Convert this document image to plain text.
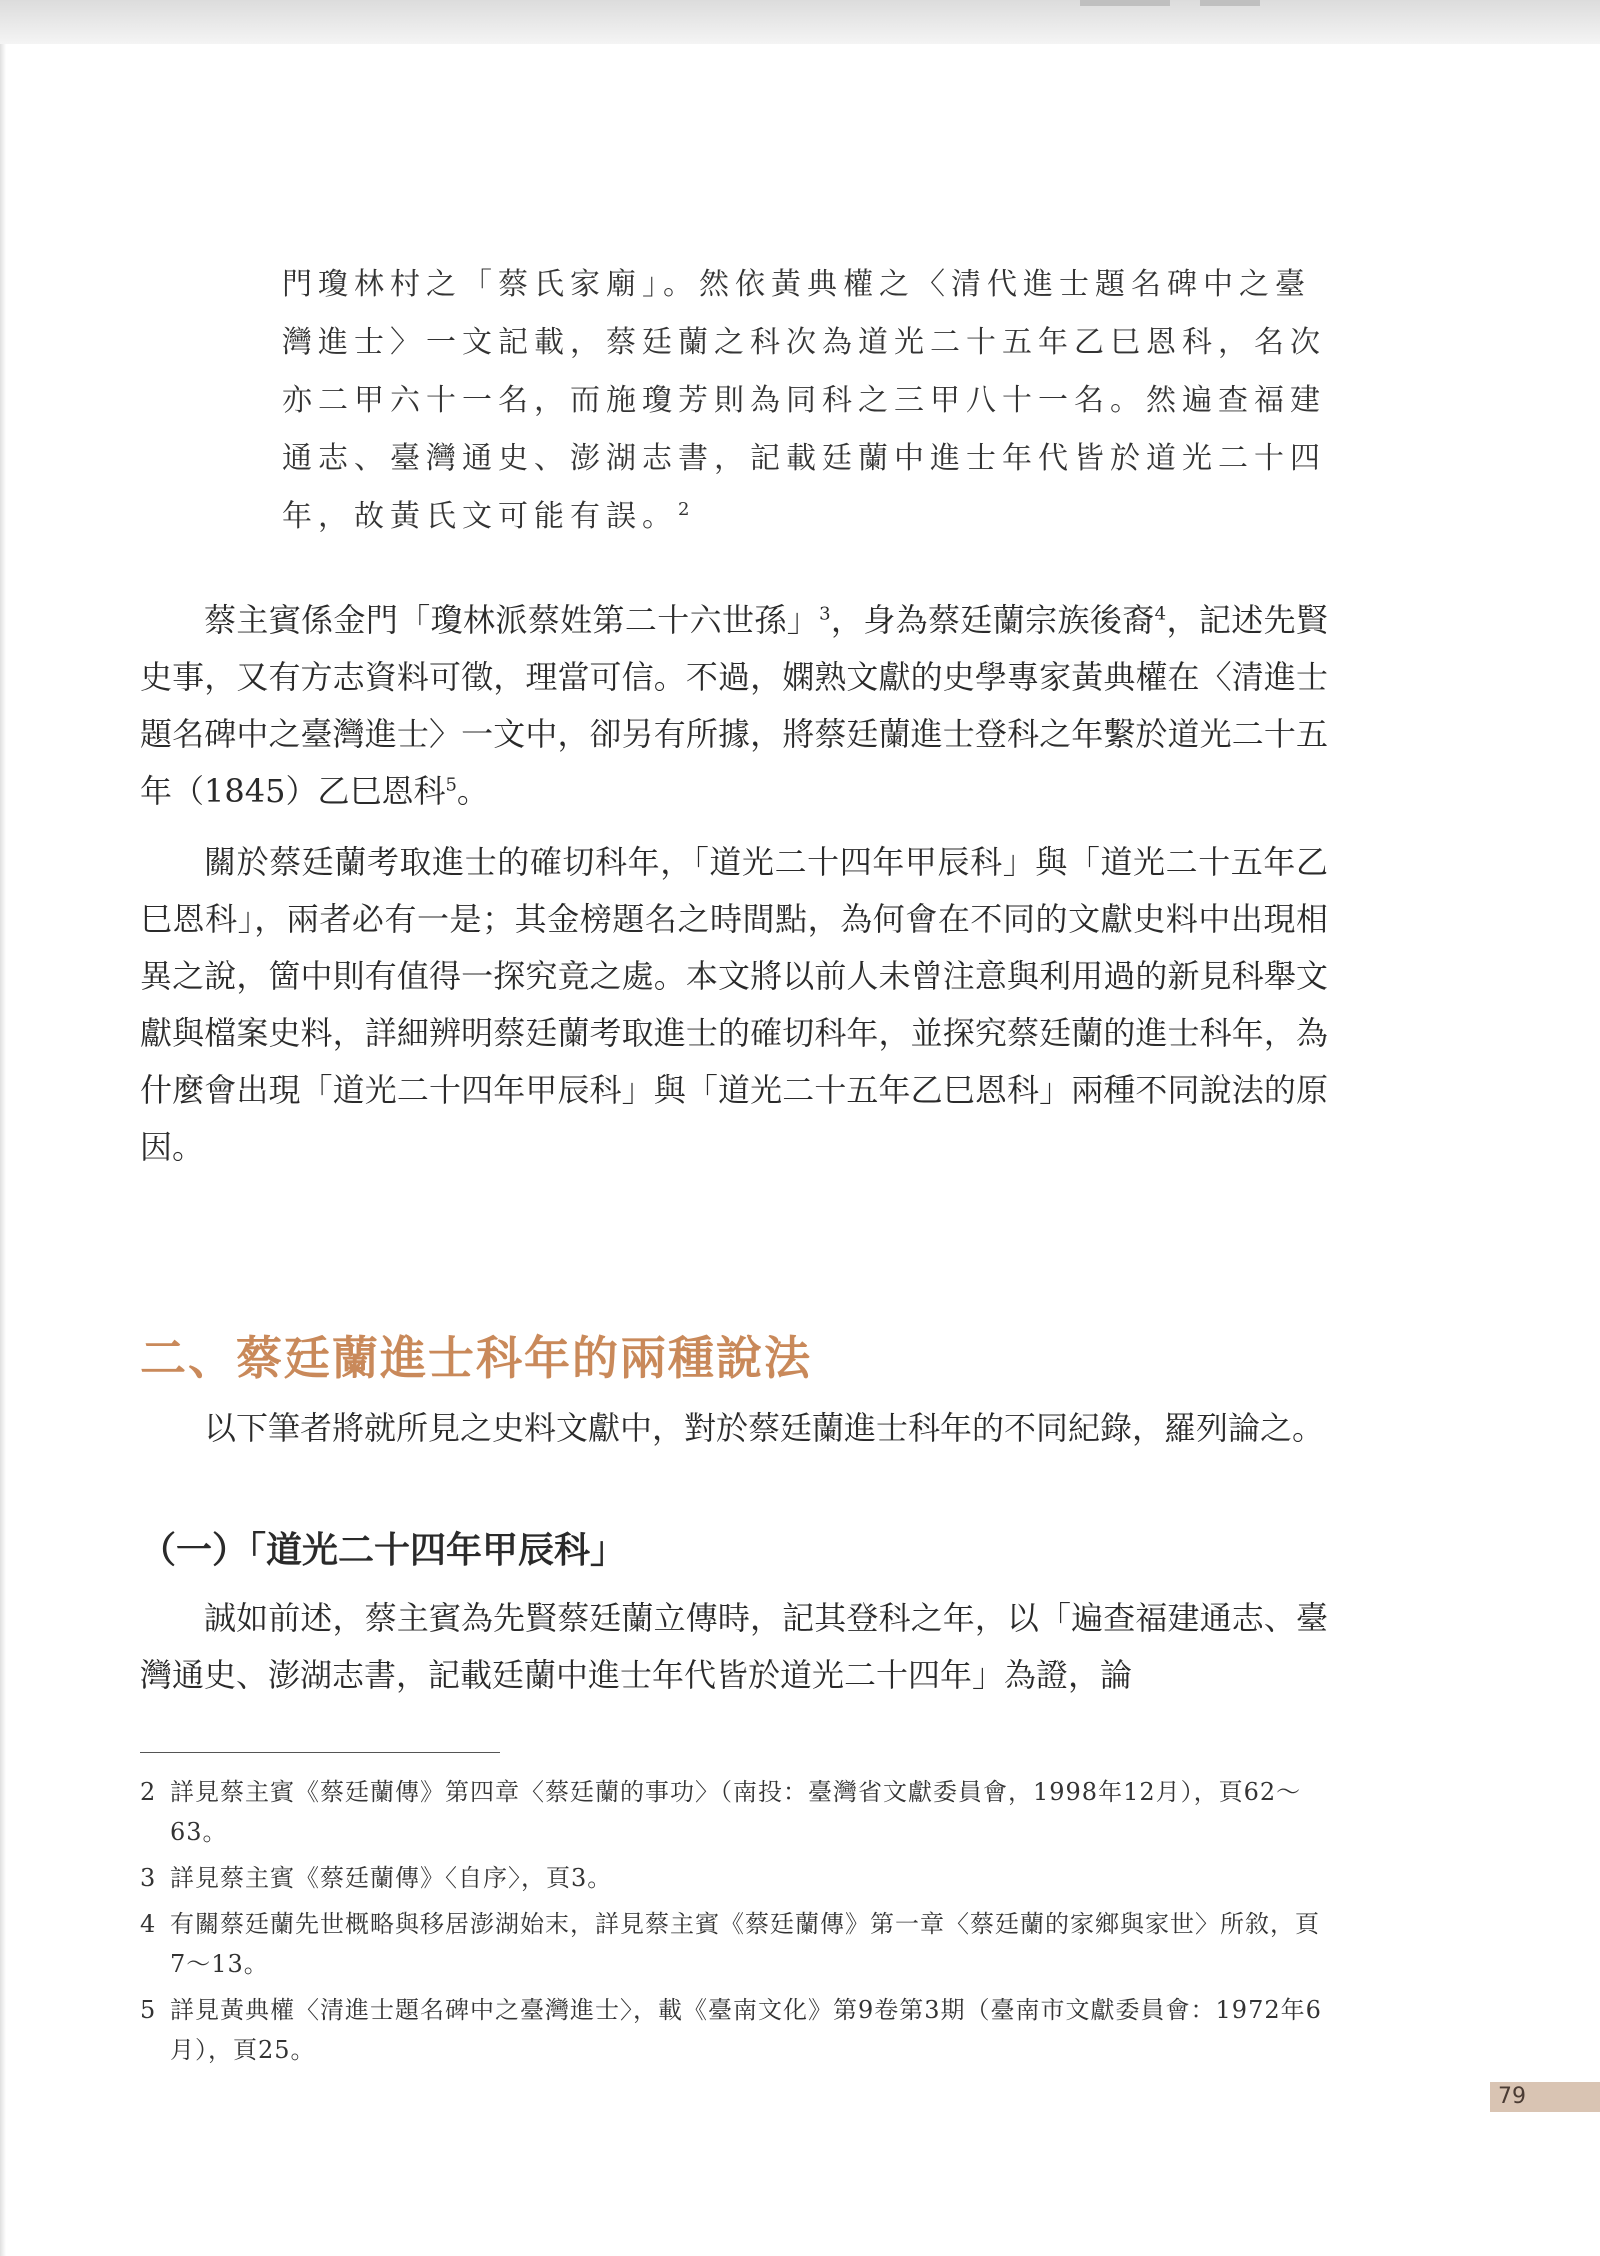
門瓊林村之「蔡氏家廟」。然依黃典權之〈清代進士題名碑中之臺

灣進士〉一文記載，蔡廷蘭之科次為道光二十五年乙巳恩科，名次

亦二甲六十一名，而施瓊芳則為同科之三甲八十一名。然遍查福建

通志、臺灣通史、澎湖志書，記載廷蘭中進士年代皆於道光二十四

年，故黃氏文可能有誤。$^2$

蔡主賓係金門「瓊林派蔡姓第二十六世孫」$^3$，身為蔡廷蘭宗族後裔$^4$，記述先賢史事，又有方志資料可徵，理當可信。不過，嫻熟文獻的史學專家黃典權在〈清進士題名碑中之臺灣進士〉一文中，卻另有所據，將蔡廷蘭進士登科之年繫於道光二十五年（1845）乙巳恩科$^5$。

關於蔡廷蘭考取進士的確切科年，「道光二十四年甲辰科」與「道光二十五年乙巳恩科」，兩者必有一是；其金榜題名之時間點，為何會在不同的文獻史料中出現相異之說，箇中則有值得一探究竟之處。本文將以前人未曾注意與利用過的新見科舉文獻與檔案史料，詳細辨明蔡廷蘭考取進士的確切科年，並探究蔡廷蘭的進士科年，為什麼會出現「道光二十四年甲辰科」與「道光二十五年乙巳恩科」兩種不同說法的原因。

二、蔡廷蘭進士科年的兩種說法

以下筆者將就所見之史料文獻中，對於蔡廷蘭進士科年的不同紀錄，羅列論之。

（一）「道光二十四年甲辰科」

誠如前述，蔡主賓為先賢蔡廷蘭立傳時，記其登科之年，以「遍查福建通志、臺灣通史、澎湖志書，記載廷蘭中進士年代皆於道光二十四年」為證，論

2 詳見蔡主賓《蔡廷蘭傳》第四章〈蔡廷蘭的事功〉（南投：臺灣省文獻委員會，1998年12月），頁62～63。
3 詳見蔡主賓《蔡廷蘭傳》〈自序〉，頁3。
4 有關蔡廷蘭先世概略與移居澎湖始末，詳見蔡主賓《蔡廷蘭傳》第一章〈蔡廷蘭的家鄉與家世〉所敘，頁7～13。
5 詳見黃典權〈清進士題名碑中之臺灣進士〉，載《臺南文化》第9卷第3期（臺南市文獻委員會：1972年6月），頁25。
79
